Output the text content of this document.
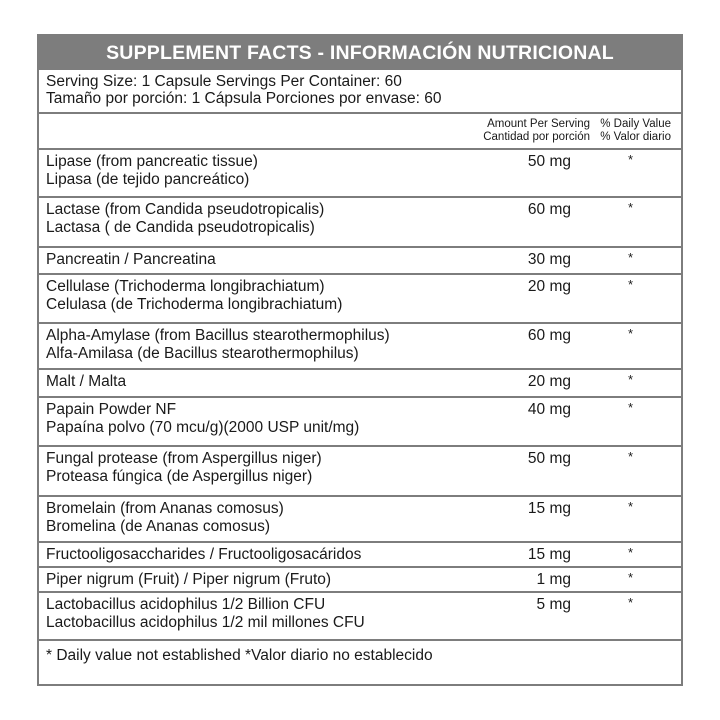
SUPPLEMENT FACTS - INFORMACIÓN NUTRICIONAL
Serving Size: 1 Capsule Servings Per Container: 60
Tamaño por porción: 1 Cápsula Porciones por envase: 60
Amount Per Serving
Cantidad por porción
% Daily Value
% Valor diario
Lipase (from pancreatic tissue)
Lipasa (de tejido pancreático)
50 mg	*
Lactase (from Candida pseudotropicalis)
Lactasa ( de Candida pseudotropicalis)
60 mg	*
Pancreatin / Pancreatina	30 mg	*
Cellulase (Trichoderma longibrachiatum)
Celulasa (de Trichoderma longibrachiatum)
20 mg	*
Alpha-Amylase (from Bacillus stearothermophilus)
Alfa-Amilasa (de Bacillus stearothermophilus)
60 mg	*
Malt / Malta	20 mg	*
Papain Powder NF
Papaína polvo (70 mcu/g)(2000 USP unit/mg)
40 mg	*
Fungal protease (from Aspergillus niger)
Proteasa fúngica (de Aspergillus niger)
50 mg	*
Bromelain (from Ananas comosus)
Bromelina (de Ananas comosus)
15 mg	*
Fructooligosaccharides / Fructooligosacáridos	15 mg	*
Piper nigrum (Fruit) / Piper nigrum (Fruto)	1 mg	*
Lactobacillus acidophilus 1/2 Billion CFU
Lactobacillus acidophilus 1/2 mil millones CFU
5 mg	*
* Daily value not established *Valor diario no establecido
